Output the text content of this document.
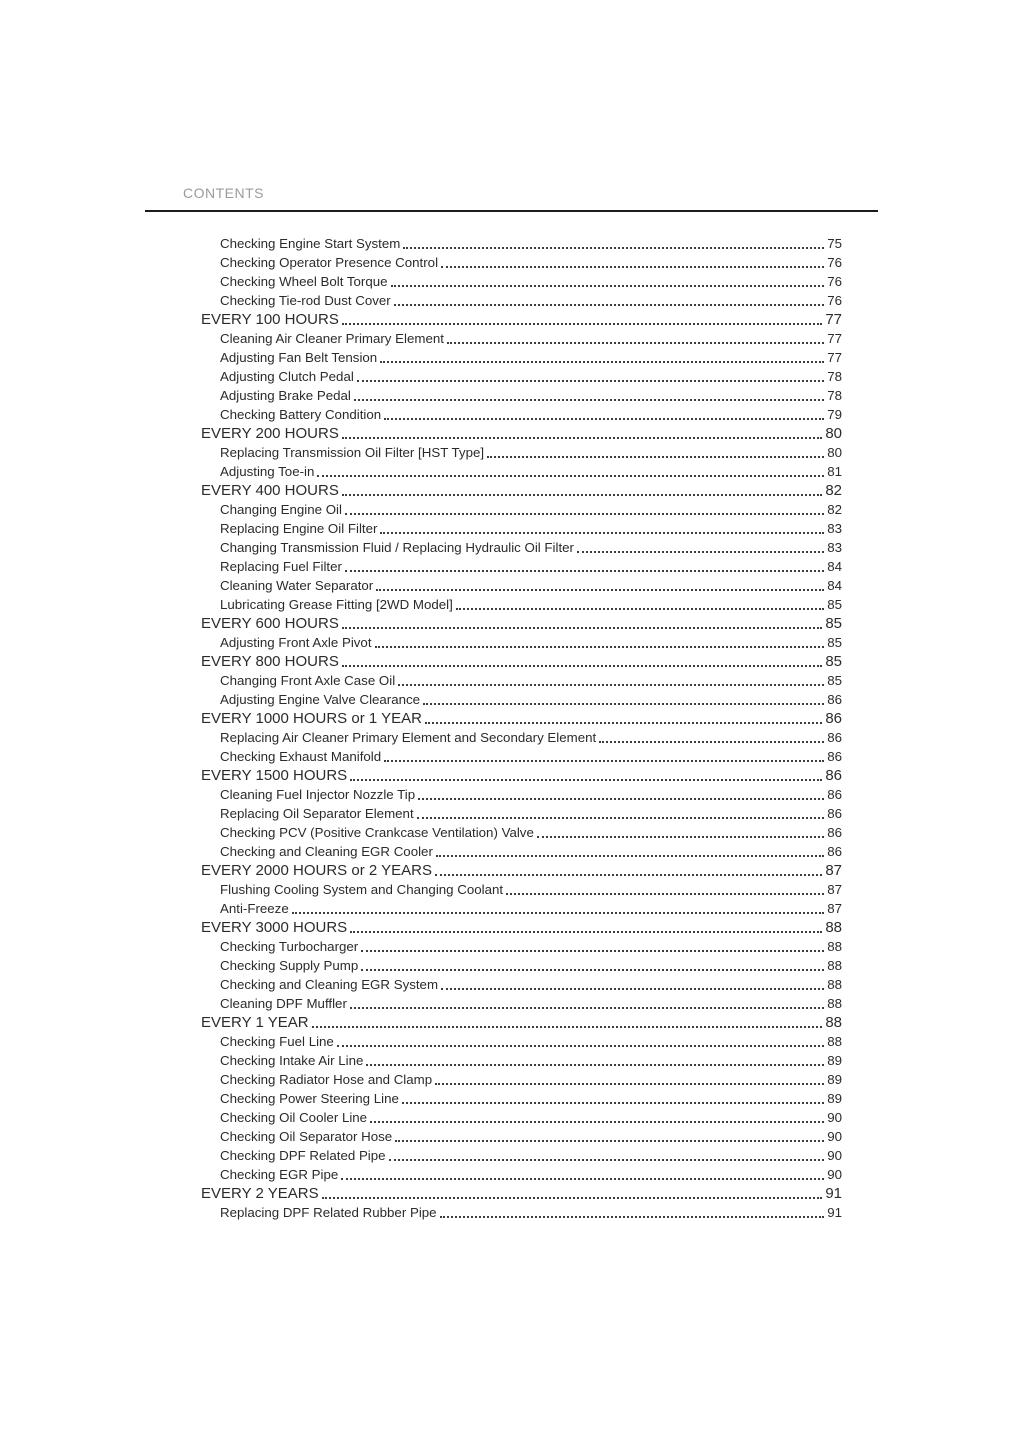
CONTENTS
Checking Engine Start System	75
Checking Operator Presence Control	76
Checking Wheel Bolt Torque	76
Checking Tie-rod Dust Cover	76
EVERY 100 HOURS	77
Cleaning Air Cleaner Primary Element	77
Adjusting Fan Belt Tension	77
Adjusting Clutch Pedal	78
Adjusting Brake Pedal	78
Checking Battery Condition	79
EVERY 200 HOURS	80
Replacing Transmission Oil Filter [HST Type]	80
Adjusting Toe-in	81
EVERY 400 HOURS	82
Changing Engine Oil	82
Replacing Engine Oil Filter	83
Changing Transmission Fluid / Replacing Hydraulic Oil Filter	83
Replacing Fuel Filter	84
Cleaning Water Separator	84
Lubricating Grease Fitting [2WD Model]	85
EVERY 600 HOURS	85
Adjusting Front Axle Pivot	85
EVERY 800 HOURS	85
Changing Front Axle Case Oil	85
Adjusting Engine Valve Clearance	86
EVERY 1000 HOURS or 1 YEAR	86
Replacing Air Cleaner Primary Element and Secondary Element	86
Checking Exhaust Manifold	86
EVERY 1500 HOURS	86
Cleaning Fuel Injector Nozzle Tip	86
Replacing Oil Separator Element	86
Checking PCV (Positive Crankcase Ventilation) Valve	86
Checking and Cleaning EGR Cooler	86
EVERY 2000 HOURS or 2 YEARS	87
Flushing Cooling System and Changing Coolant	87
Anti-Freeze	87
EVERY 3000 HOURS	88
Checking Turbocharger	88
Checking Supply Pump	88
Checking and Cleaning EGR System	88
Cleaning DPF Muffler	88
EVERY 1 YEAR	88
Checking Fuel Line	88
Checking Intake Air Line	89
Checking Radiator Hose and Clamp	89
Checking Power Steering Line	89
Checking Oil Cooler Line	90
Checking Oil Separator Hose	90
Checking DPF Related Pipe	90
Checking EGR Pipe	90
EVERY 2 YEARS	91
Replacing DPF Related Rubber Pipe	91
